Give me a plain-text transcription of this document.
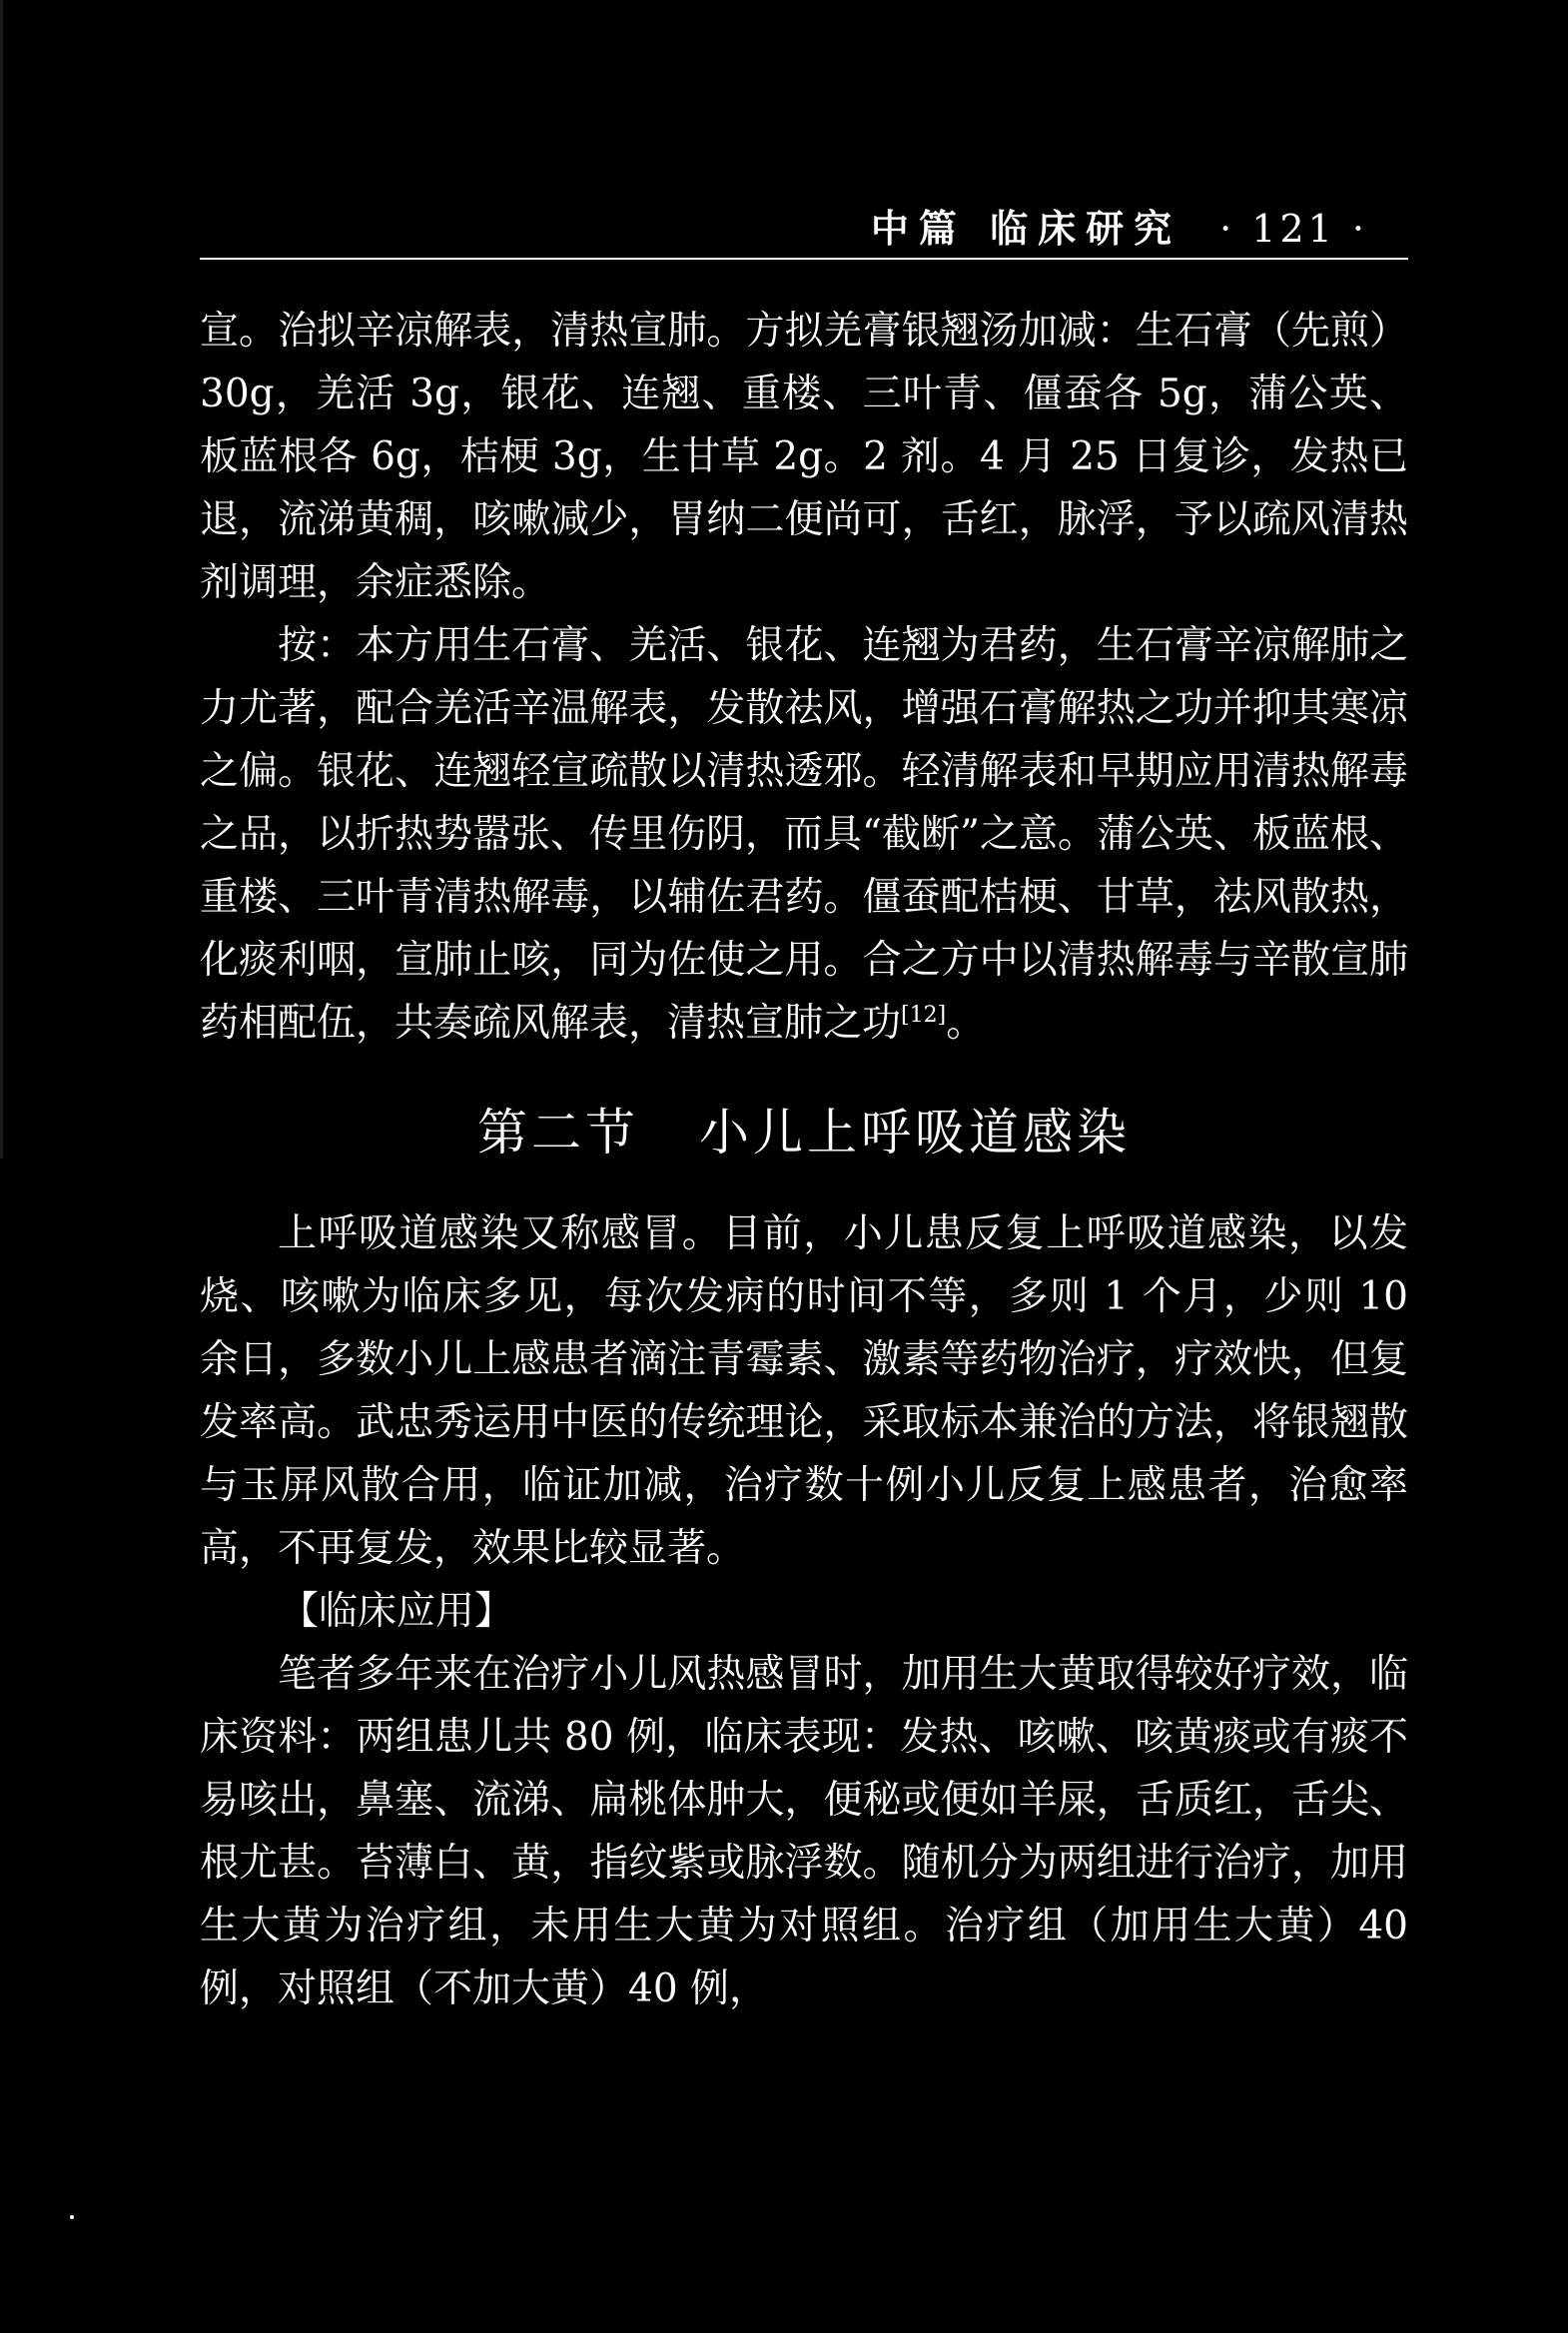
中篇 临床研究 · 121 ·

宣。治拟辛凉解表，清热宣肺。方拟羌膏银翘汤加减：生石膏（先煎）30g，羌活 3g，银花、连翘、重楼、三叶青、僵蚕各 5g，蒲公英、板蓝根各 6g，桔梗 3g，生甘草 2g。2 剂。4 月 25 日复诊，发热已退，流涕黄稠，咳嗽减少，胃纳二便尚可，舌红，脉浮，予以疏风清热剂调理，余症悉除。

按：本方用生石膏、羌活、银花、连翘为君药，生石膏辛凉解肺之力尤著，配合羌活辛温解表，发散祛风，增强石膏解热之功并抑其寒凉之偏。银花、连翘轻宣疏散以清热透邪。轻清解表和早期应用清热解毒之品，以折热势嚣张、传里伤阴，而具“截断”之意。蒲公英、板蓝根、重楼、三叶青清热解毒，以辅佐君药。僵蚕配桔梗、甘草，祛风散热，化痰利咽，宣肺止咳，同为佐使之用。合之方中以清热解毒与辛散宣肺药相配伍，共奏疏风解表，清热宣肺之功[12]。

第二节 小儿上呼吸道感染

上呼吸道感染又称感冒。目前，小儿患反复上呼吸道感染，以发烧、咳嗽为临床多见，每次发病的时间不等，多则 1 个月，少则 10 余日，多数小儿上感患者滴注青霉素、激素等药物治疗，疗效快，但复发率高。武忠秀运用中医的传统理论，采取标本兼治的方法，将银翘散与玉屏风散合用，临证加减，治疗数十例小儿反复上感患者，治愈率高，不再复发，效果比较显著。

【临床应用】

笔者多年来在治疗小儿风热感冒时，加用生大黄取得较好疗效，临床资料：两组患儿共 80 例，临床表现：发热、咳嗽、咳黄痰或有痰不易咳出，鼻塞、流涕、扁桃体肿大，便秘或便如羊屎，舌质红，舌尖、根尤甚。苔薄白、黄，指纹紫或脉浮数。随机分为两组进行治疗，加用生大黄为治疗组，未用生大黄为对照组。治疗组（加用生大黄）40 例，对照组（不加大黄）40 例，
